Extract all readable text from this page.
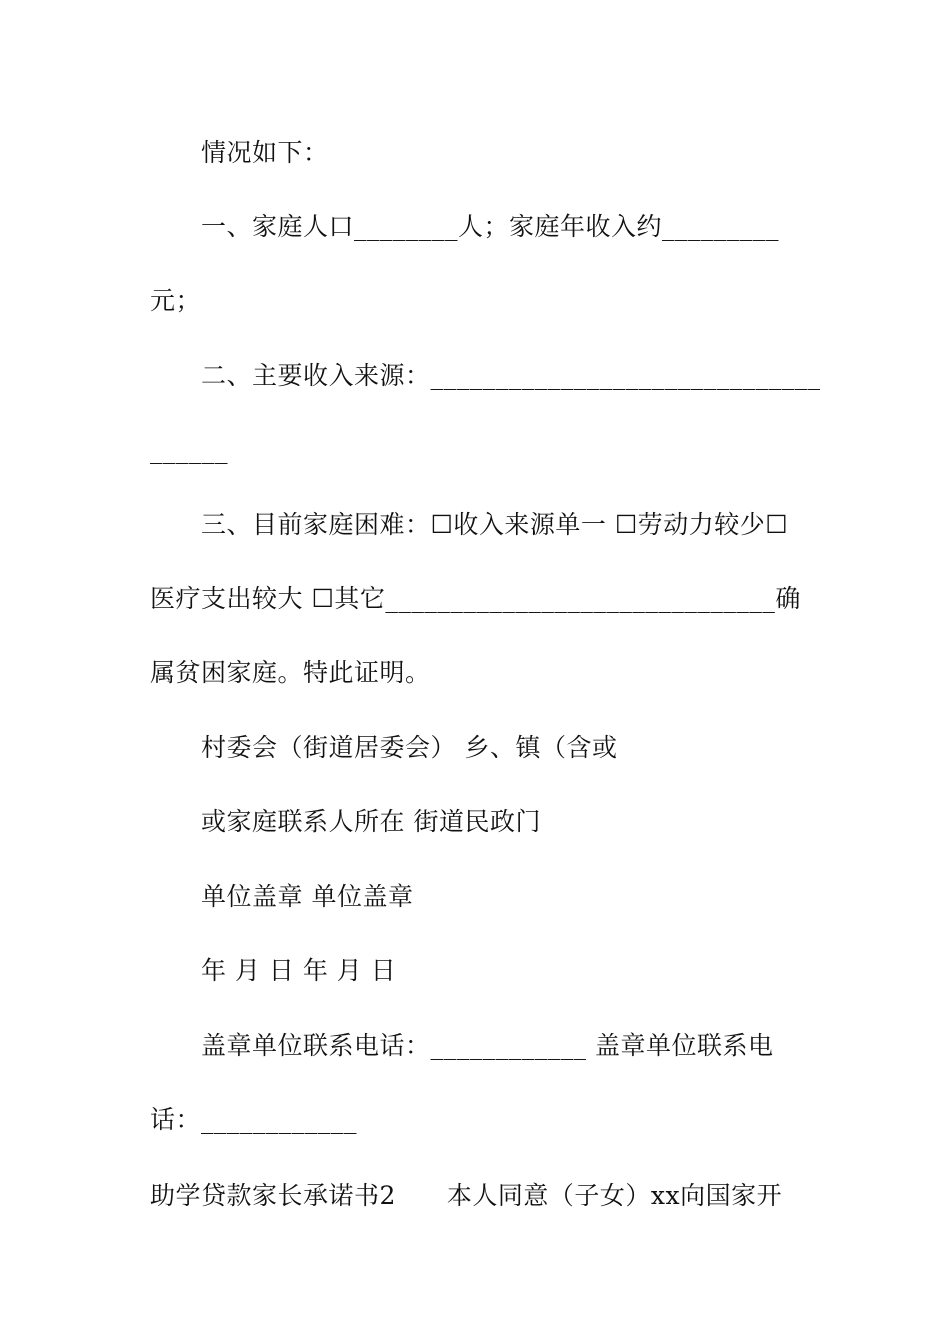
情况如下：
一、家庭人口________人；家庭年收入约_________
元；
二、主要收入来源：______________________________
______
三、目前家庭困难：☐收入来源单一 ☐劳动力较少☐
医疗支出较大 ☐其它______________________________确
属贫困家庭。特此证明。
村委会（街道居委会） 乡、镇（含或
或家庭联系人所在 街道民政门
单位盖章 单位盖章
年 月 日 年 月 日
盖章单位联系电话：____________ 盖章单位联系电
话：____________
助学贷款家长承诺书2　　本人同意（子女）xx向国家开
